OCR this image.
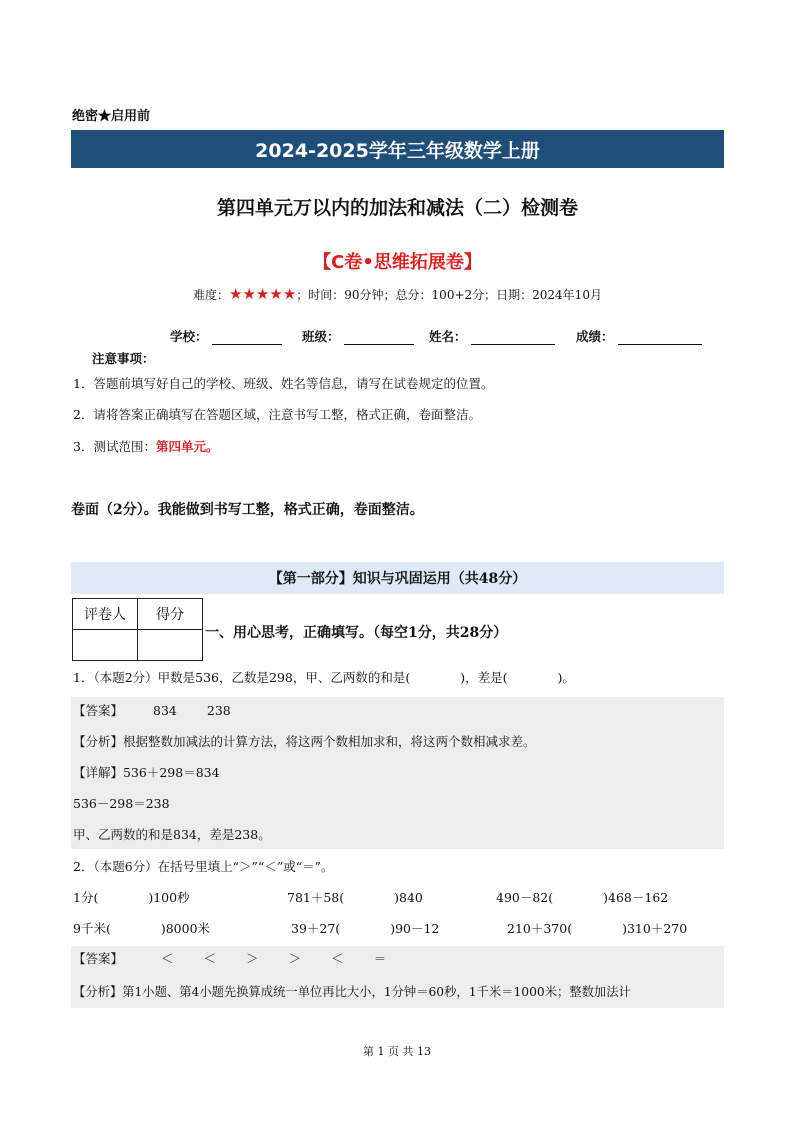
绝密★启用前
2024-2025学年三年级数学上册
第四单元万以内的加法和减法（二）检测卷
【C卷•思维拓展卷】
难度：★★★★★；时间：90分钟；总分：100+2分；日期：2024年10月
学校：	班级：	姓名：	成绩：
注意事项：
1．答题前填写好自己的学校、班级、姓名等信息，请写在试卷规定的位置。
2．请将答案正确填写在答题区域，注意书写工整，格式正确，卷面整洁。
3．测试范围：第四单元。
卷面（2分）。我能做到书写工整，格式正确，卷面整洁。
【第一部分】知识与巩固运用（共48分）
评卷人	得分

一、用心思考，正确填写。（每空1分，共28分）
1．（本题2分）甲数是536，乙数是298，甲、乙两数的和是(　　　　)，差是(　　　　)。
【答案】 834 238
【分析】根据整数加减法的计算方法，将这两个数相加求和，将这两个数相减求差。
【详解】536＋298＝834
536－298＝238
甲、乙两数的和是834，差是238。
2．（本题6分）在括号里填上“＞”“＜”或“＝”。
1分(　　　　)100秒	781＋58(　　　　)840	490－82(　　　　)468－162
9千米(　　　　)8000米	39＋27(　　　　)90－12	210＋370(　　　　)310＋270
【答案】	＜ ＜ ＞ ＞ ＜ ＝
【分析】第1小题、第4小题先换算成统一单位再比大小，1分钟＝60秒，1千米＝1000米；整数加法计
第 1 页 共 13
